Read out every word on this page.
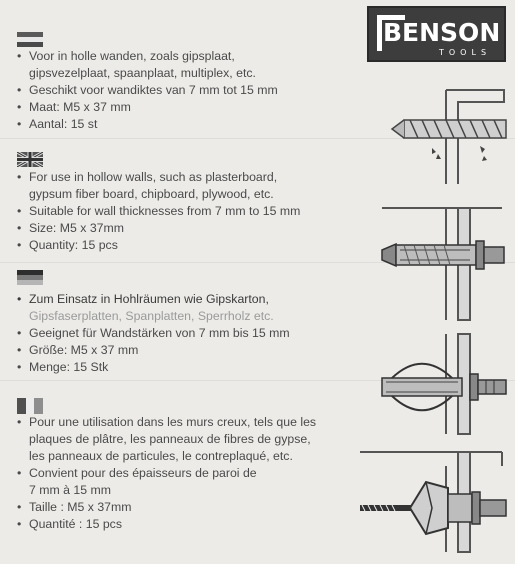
BENSON
TOOLS
• Voor in holle wanden, zoals gipsplaat,
gipsvezelplaat, spaanplaat, multiplex, etc.
• Geschikt voor wandiktes van 7 mm tot 15 mm
• Maat: M5 x 37 mm
• Aantal: 15 st
• For use in hollow walls, such as plasterboard,
gypsum fiber board, chipboard, plywood, etc.
• Suitable for wall thicknesses from 7 mm to 15 mm
• Size: M5 x 37mm
• Quantity: 15 pcs
• Zum Einsatz in Hohlräumen wie Gipskarton,
Gipsfaserplatten, Spanplatten, Sperrholz etc.
• Geeignet für Wandstärken von 7 mm bis 15 mm
• Größe: M5 x 37 mm
• Menge: 15 Stk
• Pour une utilisation dans les murs creux, tels que les
plaques de plâtre, les panneaux de fibres de gypse,
les panneaux de particules, le contreplaqué, etc.
• Convient pour des épaisseurs de paroi de
7 mm à 15 mm
• Taille : M5 x 37mm
• Quantité : 15 pcs
